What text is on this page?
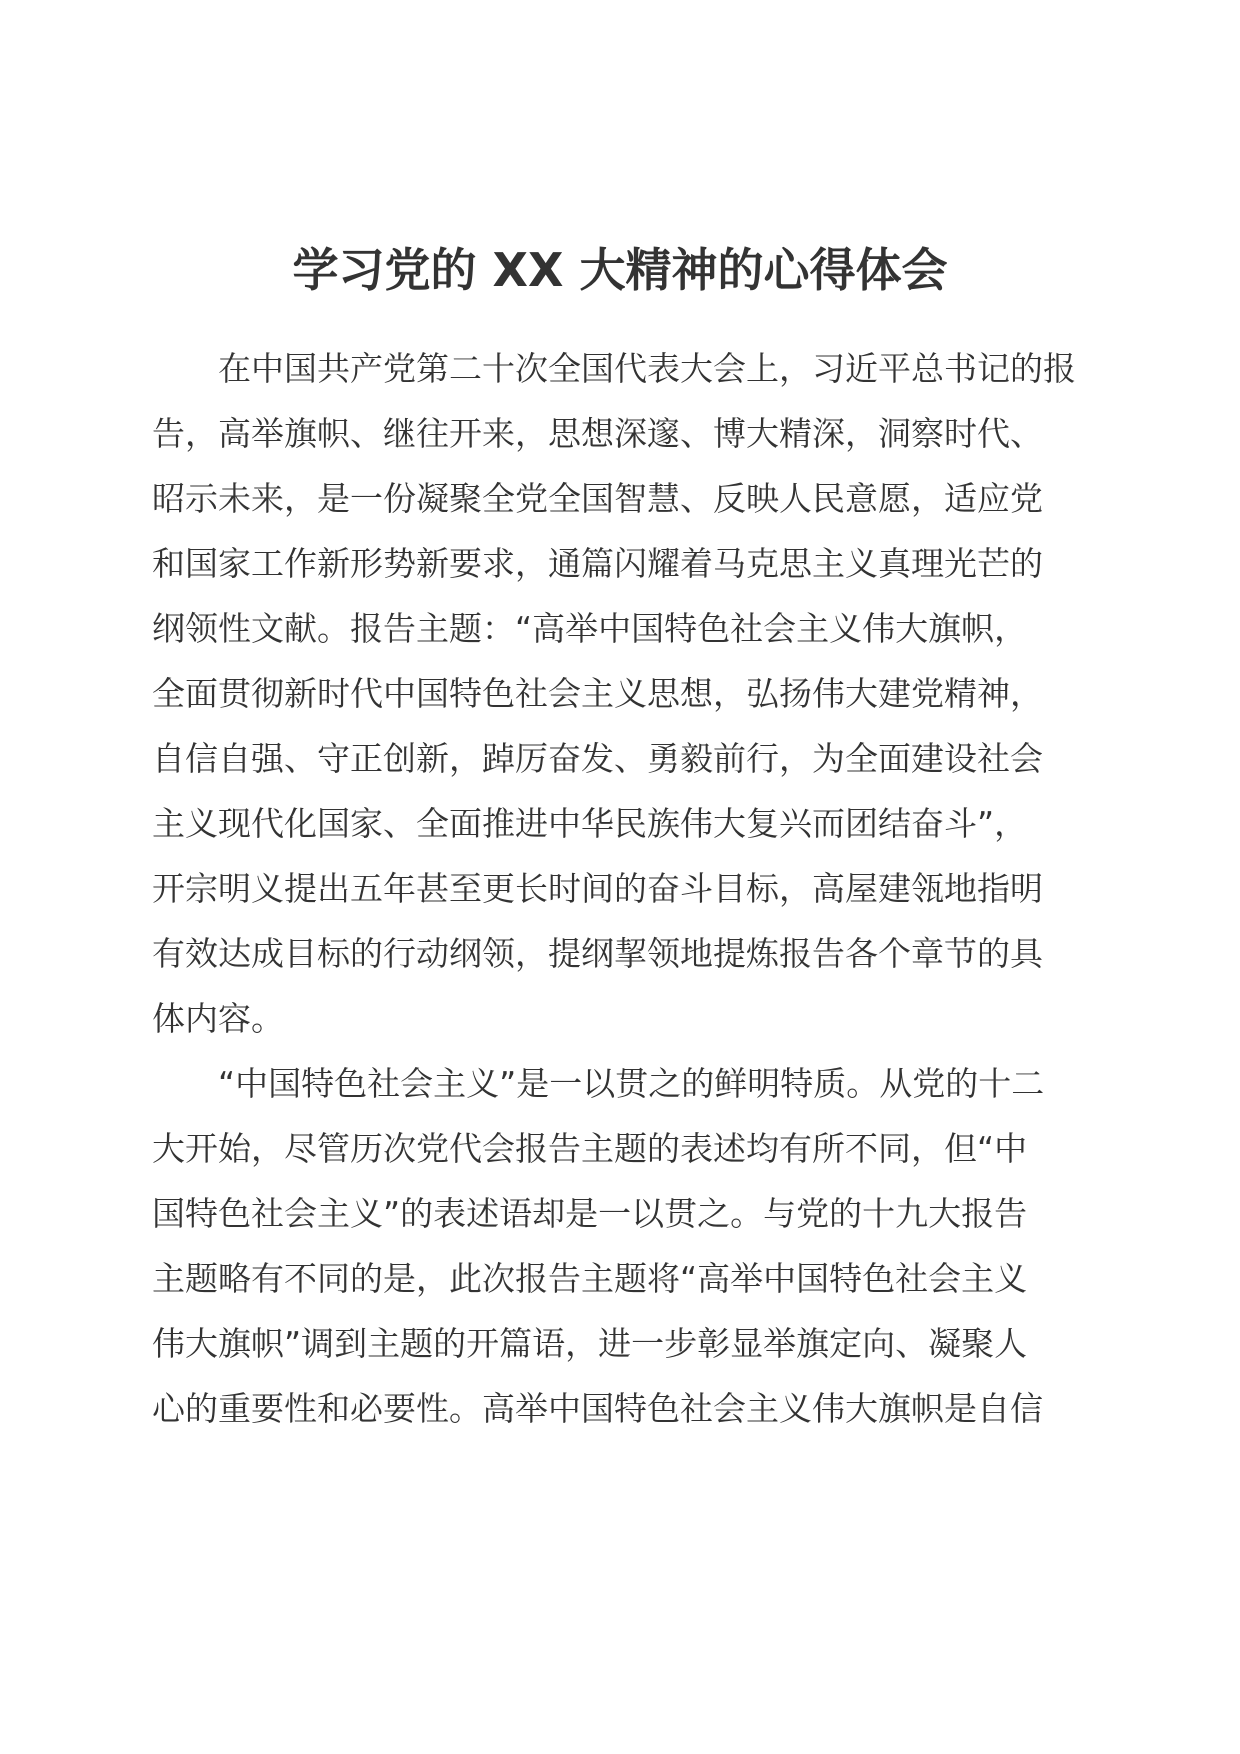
学习党的 XX 大精神的心得体会

在中国共产党第二十次全国代表大会上，习近平总书记的报
告，高举旗帜、继往开来，思想深邃、博大精深，洞察时代、
昭示未来，是一份凝聚全党全国智慧、反映人民意愿，适应党
和国家工作新形势新要求，通篇闪耀着马克思主义真理光芒的
纲领性文献。报告主题：“高举中国特色社会主义伟大旗帜，
全面贯彻新时代中国特色社会主义思想，弘扬伟大建党精神，
自信自强、守正创新，踔厉奋发、勇毅前行，为全面建设社会
主义现代化国家、全面推进中华民族伟大复兴而团结奋斗”，
开宗明义提出五年甚至更长时间的奋斗目标，高屋建瓴地指明
有效达成目标的行动纲领，提纲挈领地提炼报告各个章节的具
体内容。

“中国特色社会主义”是一以贯之的鲜明特质。从党的十二
大开始，尽管历次党代会报告主题的表述均有所不同，但“中
国特色社会主义”的表述语却是一以贯之。与党的十九大报告
主题略有不同的是，此次报告主题将“高举中国特色社会主义
伟大旗帜”调到主题的开篇语，进一步彰显举旗定向、凝聚人
心的重要性和必要性。高举中国特色社会主义伟大旗帜是自信
